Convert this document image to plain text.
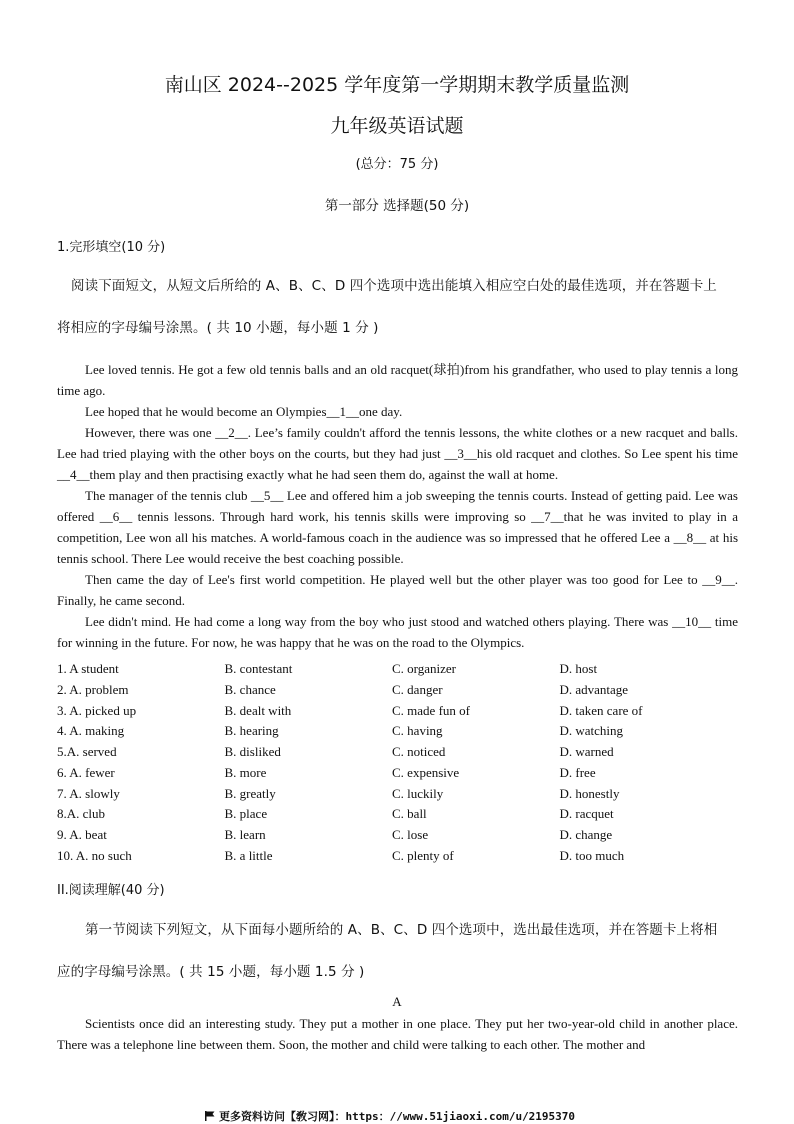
南山区 2024--2025 学年度第一学期期末教学质量监测
九年级英语试题
(总分：75 分)
第一部分 选择题(50 分)
1.完形填空(10 分)
阅读下面短文，从短文后所给的 A、B、C、D 四个选项中选出能填入相应空白处的最佳选项，并在答题卡上
将相应的字母编号涂黑。( 共 10 小题，每小题 1 分 )

Lee loved tennis. He got a few old tennis balls and an old racquet(球拍)from his grandfather, who used to play tennis a long time ago.

Lee hoped that he would become an Olympies__1__one day.

However, there was one __2__. Lee’s family couldn't afford the tennis lessons, the white clothes or a new racquet and balls. Lee had tried playing with the other boys on the courts, but they had just __3__his old racquet and clothes. So Lee spent his time __4__them play and then practising exactly what he had seen them do, against the wall at home.

The manager of the tennis club __5__ Lee and offered him a job sweeping the tennis courts. Instead of getting paid. Lee was offered __6__ tennis lessons. Through hard work, his tennis skills were improving so __7__that he was invited to play in a competition, Lee won all his matches. A world-famous coach in the audience was so impressed that he offered Lee a __8__ at his tennis school. There Lee would receive the best coaching possible.

Then came the day of Lee's first world competition. He played well but the other player was too good for Lee to __9__. Finally, he came second.

Lee didn't mind. He had come a long way from the boy who just stood and watched others playing. There was __10__ time for winning in the future. For now, he was happy that he was on the road to the Olympics.

1. A student	B. contestant	C. organizer	D. host
2. A. problem	B. chance	C. danger	D. advantage
3. A. picked up	B. dealt with	C. made fun of	D. taken care of
4. A. making	B. hearing	C. having	D. watching
5.A. served	B. disliked	C. noticed	D. warned
6. A. fewer	B. more	C. expensive	D. free
7. A. slowly	B. greatly	C. luckily	D. honestly
8.A. club	B. place	C. ball	D. racquet
9. A. beat	B. learn	C. lose	D. change
10. A. no such	B. a little	C. plenty of	D. too much
II.阅读理解(40 分)
第一节阅读下列短文，从下面每小题所给的 A、B、C、D 四个选项中，选出最佳选项，并在答题卡上将相
应的字母编号涂黑。( 共 15 小题，每小题 1.5 分 )
A

Scientists once did an interesting study. They put a mother in one place. They put her two-year-old child in another place. There was a telephone line between them. Soon, the mother and child were talking to each other. The mother and

更多资料访问【敎习网】：https：//www.51jiaoxi.com/u/2195370
